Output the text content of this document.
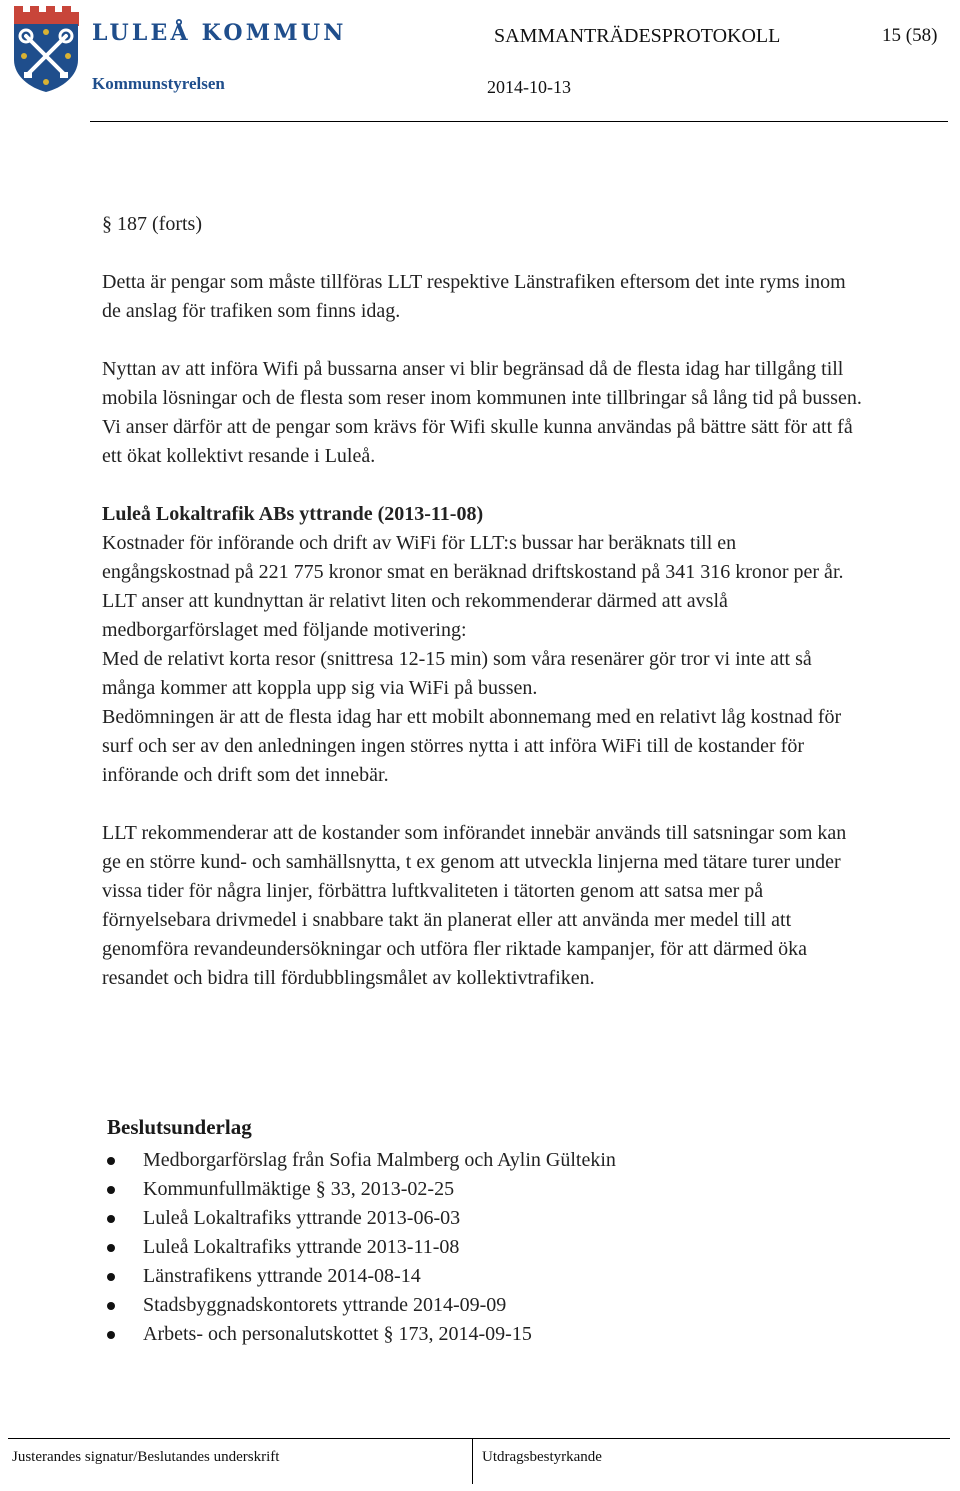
LULEÅ KOMMUN
Kommunstyrelsen
SAMMANTRÄDESPROTOKOLL	15 (58)
2014-10-13

§ 187 (forts)

Detta är pengar som måste tillföras LLT respektive Länstrafiken eftersom det inte ryms inom de anslag för trafiken som finns idag.

Nyttan av att införa Wifi på bussarna anser vi blir begränsad då de flesta idag har tillgång till mobila lösningar och de flesta som reser inom kommunen inte tillbringar så lång tid på bussen. Vi anser därför att de pengar som krävs för Wifi skulle kunna användas på bättre sätt för att få ett ökat kollektivt resande i Luleå.

Luleå Lokaltrafik ABs yttrande (2013-11-08)

Kostnader för införande och drift av WiFi för LLT:s bussar har beräknats till en engångskostnad på 221 775 kronor smat en beräknad driftskostand på 341 316 kronor per år. LLT anser att kundnyttan är relativt liten och rekommenderar därmed att avslå medborgarförslaget med följande motivering:

Med de relativt korta resor (snittresa 12-15 min) som våra resenärer gör tror vi inte att så många kommer att koppla upp sig via WiFi på bussen.

Bedömningen är att de flesta idag har ett mobilt abonnemang med en relativt låg kostnad för surf och ser av den anledningen ingen störres nytta i att införa WiFi till de kostander för införande och drift som det innebär.

LLT rekommenderar att de kostander som införandet innebär används till satsningar som kan ge en större kund- och samhällsnytta, t ex genom att utveckla linjerna med tätare turer under vissa tider för några linjer, förbättra luftkvaliteten i tätorten genom att satsa mer på förnyelsebara drivmedel i snabbare takt än planerat eller att använda mer medel till att genomföra revandeundersökningar och utföra fler riktade kampanjer, för att därmed öka resandet och bidra till fördubblingsmålet av kollektivtrafiken.

Beslutsunderlag
Medborgarförslag från Sofia Malmberg och Aylin Gültekin
Kommunfullmäktige § 33, 2013-02-25
Luleå Lokaltrafiks yttrande 2013-06-03
Luleå Lokaltrafiks yttrande 2013-11-08
Länstrafikens yttrande 2014-08-14
Stadsbyggnadskontorets yttrande 2014-09-09
Arbets- och personalutskottet § 173, 2014-09-15
Justerandes signatur/Beslutandes underskrift	Utdragsbestyrkande
